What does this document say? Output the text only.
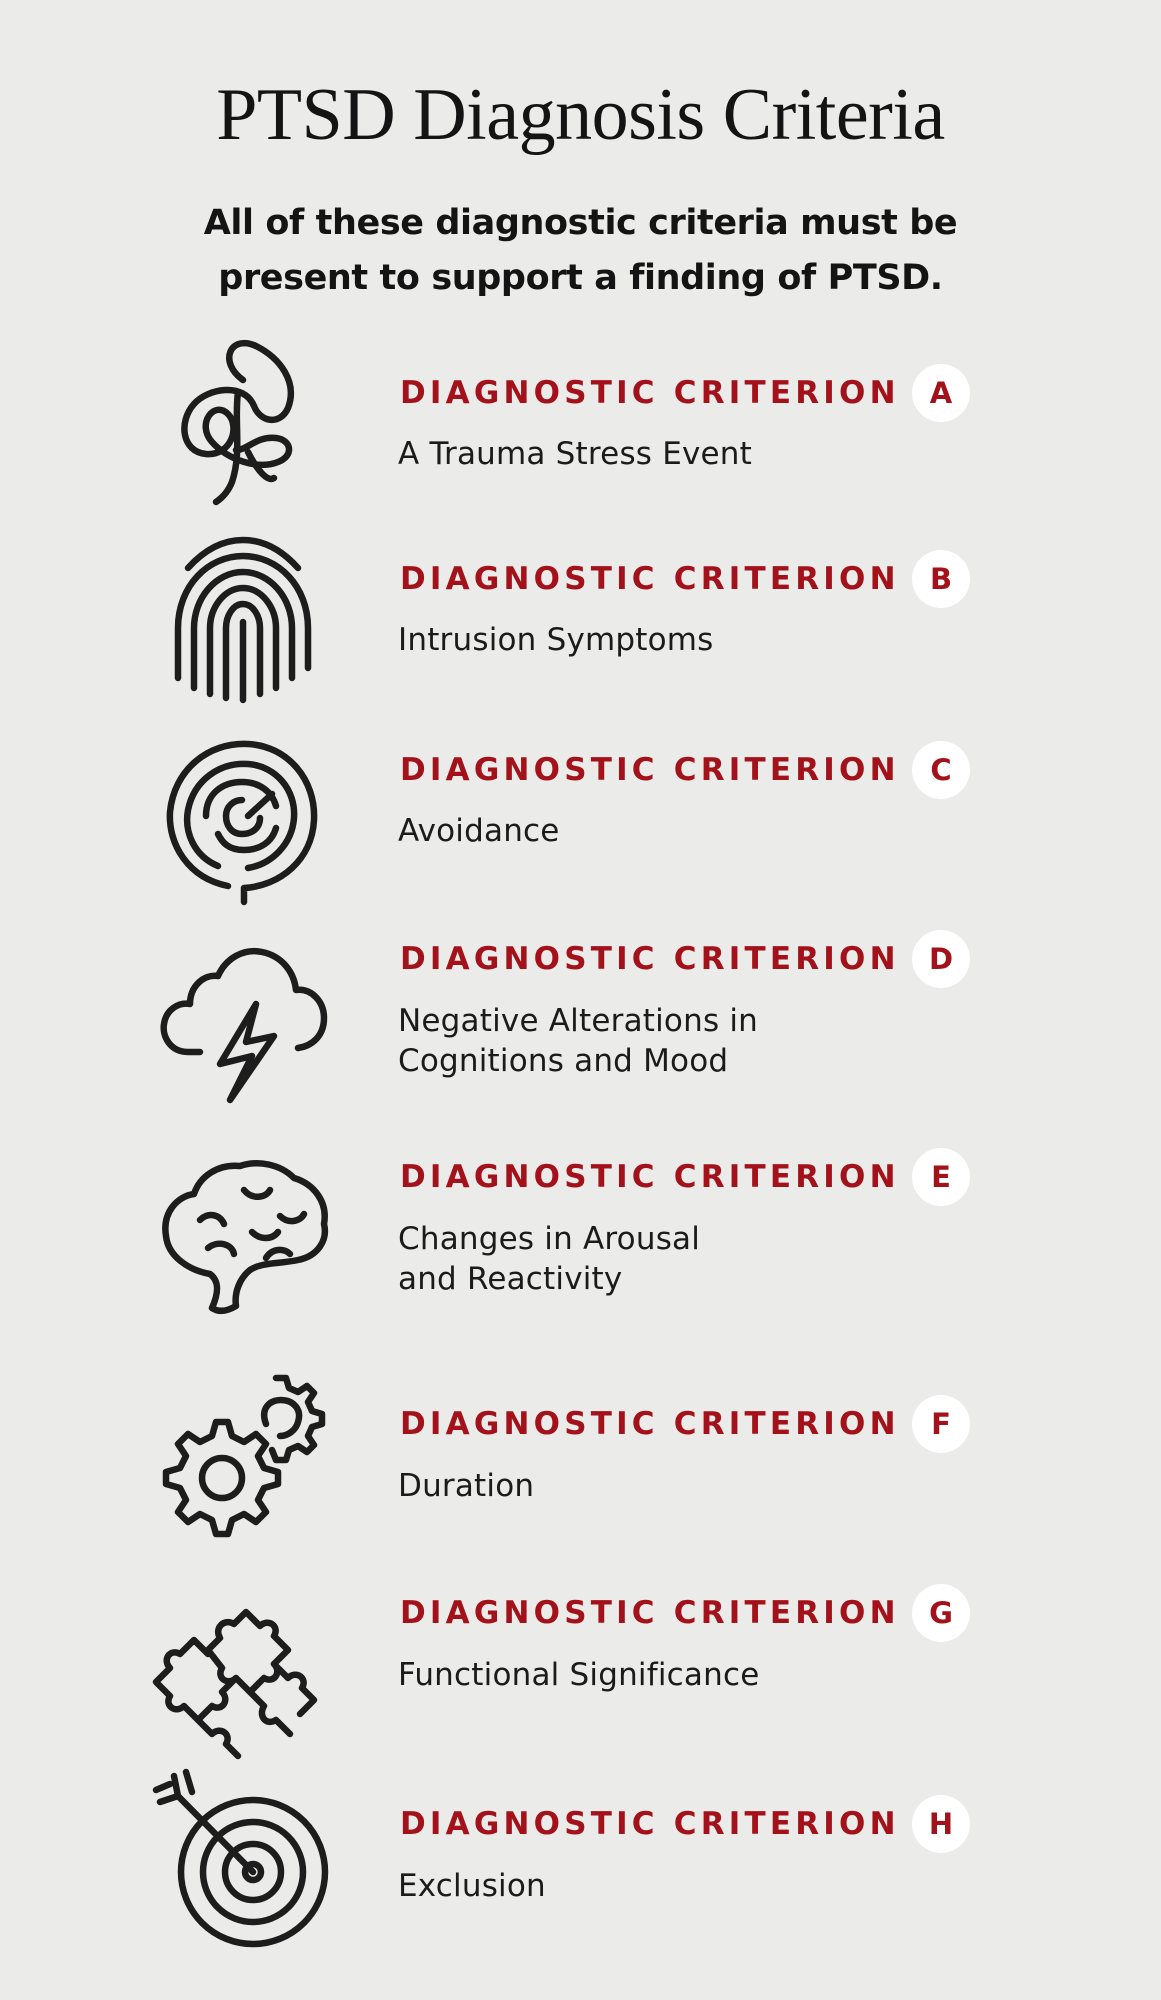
PTSD Diagnosis Criteria

All of these diagnostic criteria must be present to support a finding of PTSD.

DIAGNOSTIC CRITERION	A
A Trauma Stress Event
DIAGNOSTIC CRITERION	B
Intrusion Symptoms
DIAGNOSTIC CRITERION	C
Avoidance
DIAGNOSTIC CRITERION	D
Negative Alterations in
Cognitions and Mood
DIAGNOSTIC CRITERION	E
Changes in Arousal
and Reactivity
DIAGNOSTIC CRITERION	F
Duration
DIAGNOSTIC CRITERION	G
Functional Significance
DIAGNOSTIC CRITERION	H
Exclusion
